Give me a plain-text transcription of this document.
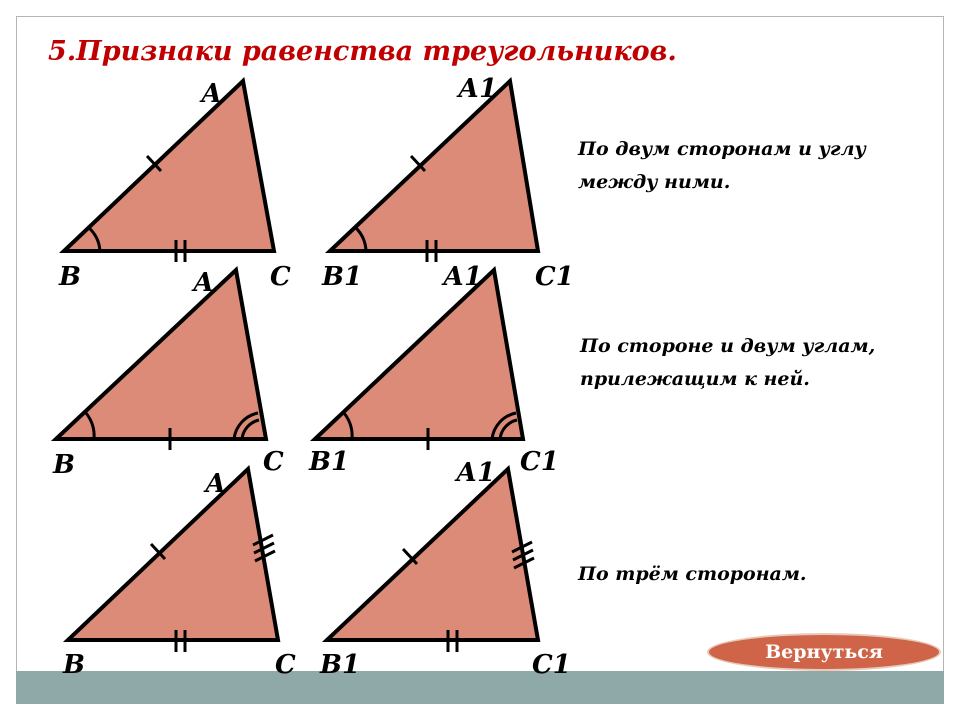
5.Признаки равенства треугольников.
А
В	С
А1
В1	С1
А
В	С
А1
В1	С1
А
В	С
А1
В1	С1
По двум сторонам и углу
между ними.
По стороне и двум углам,
прилежащим к ней.
По трём сторонам.
Вернуться
